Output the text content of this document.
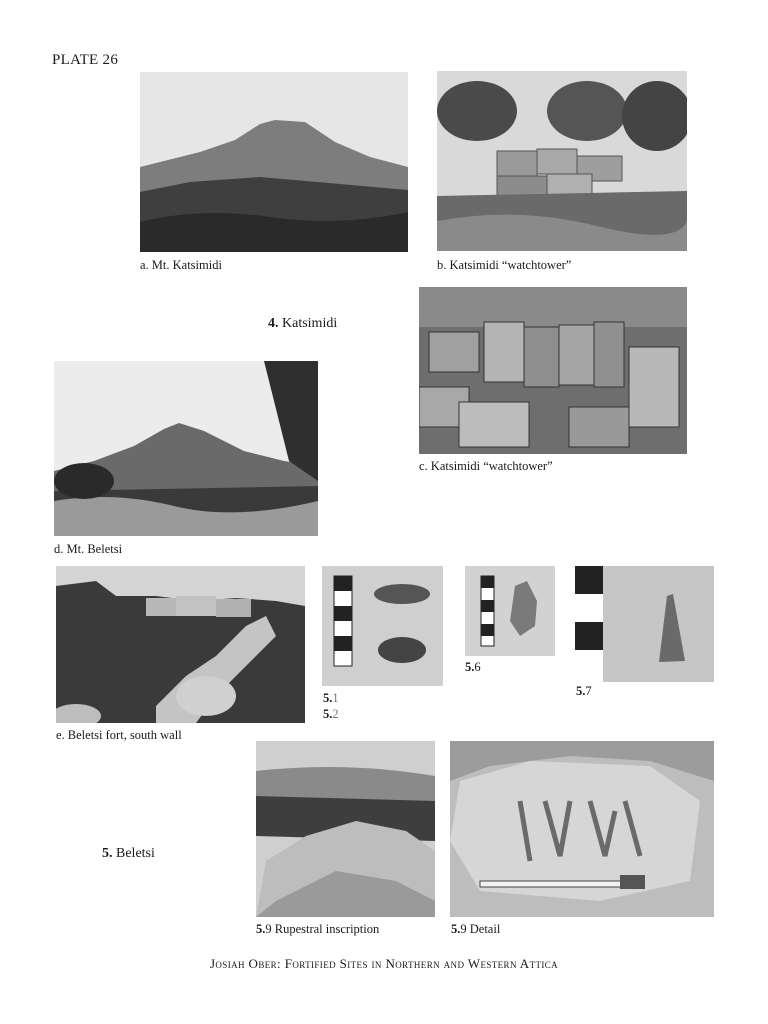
PLATE 26
a. Mt. Katsimidi	b. Katsimidi “watchtower”
4. Katsimidi
c. Katsimidi “watchtower”
d. Mt. Beletsi
e. Beletsi fort, south wall
5.1
5.2
5.6
5.7
5. Beletsi
5.9 Rupestral inscription	5.9 Detail
Josiah Ober: Fortified Sites in Northern and Western Attica
